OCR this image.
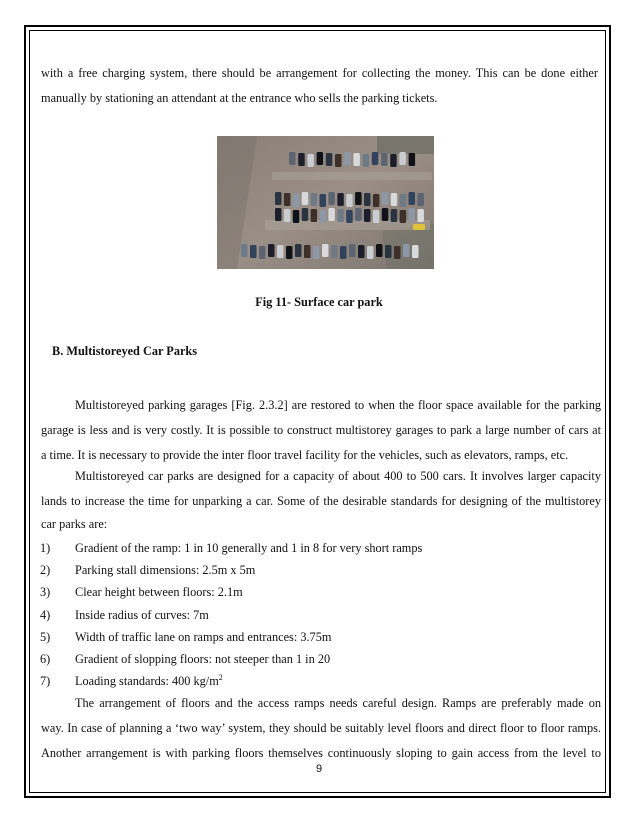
with a free charging system, there should be arrangement for collecting the money. This can be done either

manually by stationing an attendant at the entrance who sells the parking tickets.

Fig 11- Surface car park
B. Multistoreyed Car Parks

Multistoreyed parking garages [Fig. 2.3.2] are restored to when the floor space available for the parking

garage is less and is very costly. It is possible to construct multistorey garages to park a large number of cars at

a time. It is necessary to provide the inter floor travel facility for the vehicles, such as elevators, ramps, etc.

Multistoreyed car parks are designed for a capacity of about 400 to 500 cars. It involves larger capacity

lands to increase the time for unparking a car. Some of the desirable standards for designing of the multistorey

car parks are:

1)	Gradient of the ramp: 1 in 10 generally and 1 in 8 for very short ramps
2)	Parking stall dimensions: 2.5m x 5m
3)	Clear height between floors: 2.1m
4)	Inside radius of curves: 7m
5)	Width of traffic lane on ramps and entrances: 3.75m
6)	Gradient of slopping floors: not steeper than 1 in 20
7)	Loading standards: 400 $kg/m^2$

The arrangement of floors and the access ramps needs careful design. Ramps are preferably made on

way. In case of planning a ‘two way’ system, they should be suitably level floors and direct floor to floor ramps.

Another arrangement is with parking floors themselves continuously sloping to gain access from the level to

9
